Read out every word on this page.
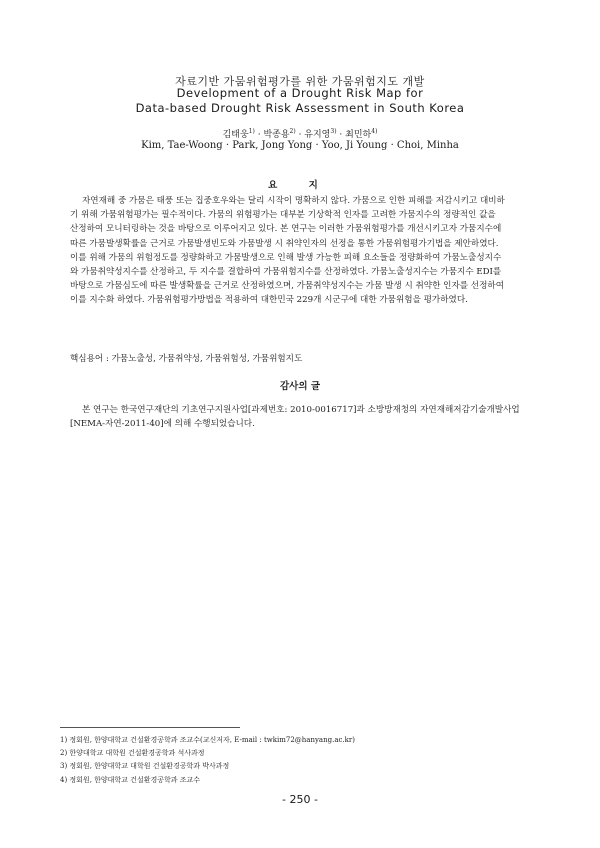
자료기반 가뭄위험평가를 위한 가뭄위험지도 개발
Development of a Drought Risk Map for
Data-based Drought Risk Assessment in South Korea
김태웅$^{1)}$ · 박종용$^{2)}$ · 유지영$^{3)}$ · 최민하$^{4)}$
Kim, Tae-Woong · Park, Jong Yong · Yoo, Ji Young · Choi, Minha
요 지
자연재해 중 가뭄은 태풍 또는 집중호우와는 달리 시작이 명확하지 않다. 가뭄으로 인한 피해를 저감시키고 대비하
기 위해 가뭄위험평가는 필수적이다. 가뭄의 위험평가는 대부분 기상학적 인자를 고려한 가뭄지수의 정량적인 값을
산정하여 모니터링하는 것을 바탕으로 이루어지고 있다. 본 연구는 이러한 가뭄위험평가를 개선시키고자 가뭄지수에
따른 가뭄발생확률을 근거로 가뭄발생빈도와 가뭄발생 시 취약인자의 선정을 통한 가뭄위험평가기법을 제안하였다.
이를 위해 가뭄의 위험정도를 정량화하고 가뭄발생으로 인해 발생 가능한 피해 요소들을 정량화하여 가뭄노출성지수
와 가뭄취약성지수를 산정하고, 두 지수를 결합하여 가뭄위험지수를 산정하였다. 가뭄노출성지수는 가뭄지수 EDI를
바탕으로 가뭄심도에 따른 발생확률을 근거로 산정하였으며, 가뭄취약성지수는 가뭄 발생 시 취약한 인자를 선정하여
이를 지수화 하였다. 가뭄위험평가방법을 적용하여 대한민국 229개 시군구에 대한 가뭄위험을 평가하였다.
핵심용어 : 가뭄노출성, 가뭄취약성, 가뭄위험성, 가뭄위험지도
감사의 글
본 연구는 한국연구재단의 기초연구지원사업[과제번호: 2010-0016717]과 소방방재청의 자연재해저감기술개발사업
[NEMA-자연-2011-40]에 의해 수행되었습니다.
1) 정회원, 한양대학교 건설환경공학과 조교수(교신저자, E-mail : twkim72@hanyang.ac.kr)
2) 한양대학교 대학원 건설환경공학과 석사과정
3) 정회원, 한양대학교 대학원 건설환경공학과 박사과정
4) 정회원, 한양대학교 건설환경공학과 조교수
- 250 -
